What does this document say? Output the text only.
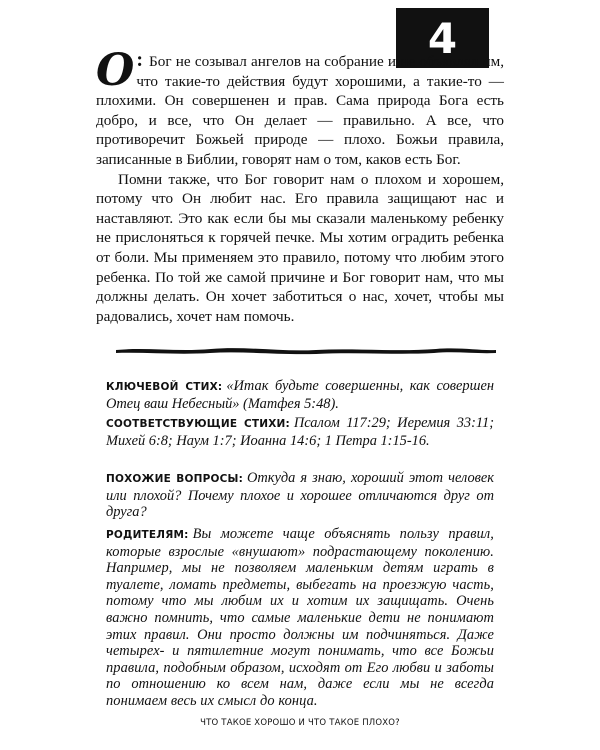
4

О : Бог не созывал ангелов на собрание и не объявлял им, что такие-то действия будут хорошими, а такие-то — плохими. Он совершенен и прав. Сама природа Бога есть добро, и все, что Он делает — правильно. А все, что противоречит Божьей природе — плохо. Божьи правила, записанные в Библии, говорят нам о том, каков есть Бог.

Помни также, что Бог говорит нам о плохом и хорошем, потому что Он любит нас. Его правила защищают нас и наставляют. Это как если бы мы сказали маленькому ребенку не прислоняться к горячей печке. Мы хотим оградить ребенка от боли. Мы применяем это правило, потому что любим этого ребенка. По той же самой причине и Бог говорит нам, что мы должны делать. Он хочет заботиться о нас, хочет, чтобы мы радовались, хочет нам помочь.

КЛЮЧЕВОЙ СТИХ: «Итак будьте совершенны, как совершен Отец ваш Небесный» (Матфея 5:48).
СООТВЕТСТВУЮЩИЕ СТИХИ: Псалом 117:29; Иеремия 33:11; Михей 6:8; Наум 1:7; Иоанна 14:6; 1 Петра 1:15-16.
ПОХОЖИЕ ВОПРОСЫ: Откуда я знаю, хороший этот человек или плохой? Почему плохое и хорошее отличаются друг от друга?
РОДИТЕЛЯМ: Вы можете чаще объяснять пользу правил, которые взрослые «внушают» подрастающему поколению. Например, мы не позволяем маленьким детям играть в туалете, ломать предметы, выбегать на проезжую часть, потому что мы любим их и хотим их защищать. Очень важно помнить, что самые маленькие дети не понимают этих правил. Они просто должны им подчиняться. Даже четырех- и пятилетние могут понимать, что все Божьи правила, подобным образом, исходят от Его любви и заботы по отношению ко всем нам, даже если мы не всегда понимаем весь их смысл до конца.
ЧТО ТАКОЕ ХОРОШО И ЧТО ТАКОЕ ПЛОХО?
